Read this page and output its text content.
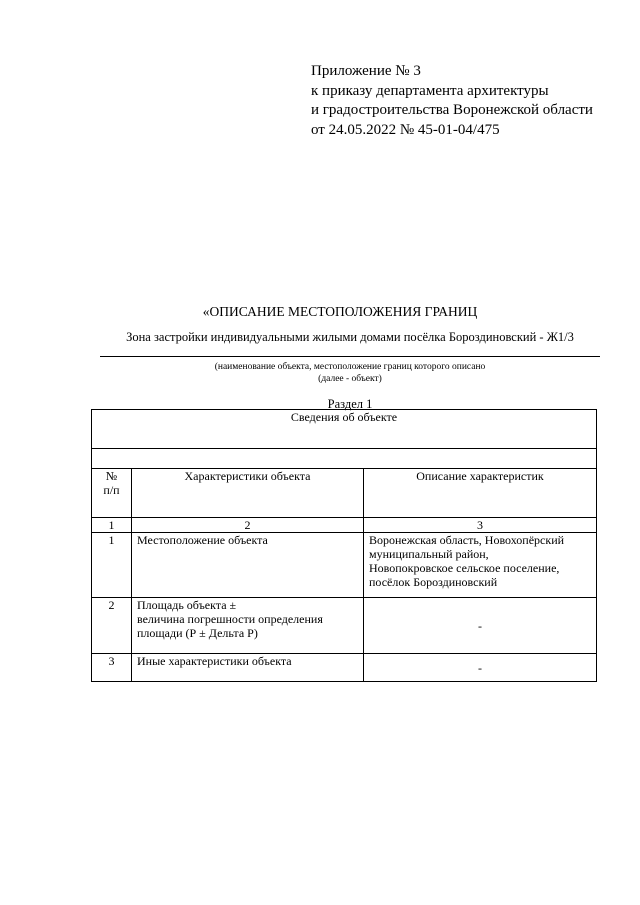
Приложение № 3
к приказу департамента архитектуры
и градостроительства Воронежской области
от 24.05.2022 № 45-01-04/475
«ОПИСАНИЕ МЕСТОПОЛОЖЕНИЯ ГРАНИЦ
Зона застройки индивидуальными жилыми домами посёлка Бороздиновский - Ж1/3
(наименование объекта, местоположение границ которого описано
(далее - объект)
Раздел 1
Сведения об объекте		

№
п/п	Характеристики объекта	Описание характеристик
1	2	3
1	Местоположение объекта	Воронежская область, Новохопёрский
муниципальный район,
Новопокровское сельское поселение,
посёлок Бороздиновский

2	Площадь объекта ±
величина погрешности определения
площади (Р ± Дельта Р)	-
3	Иные характеристики объекта	-
